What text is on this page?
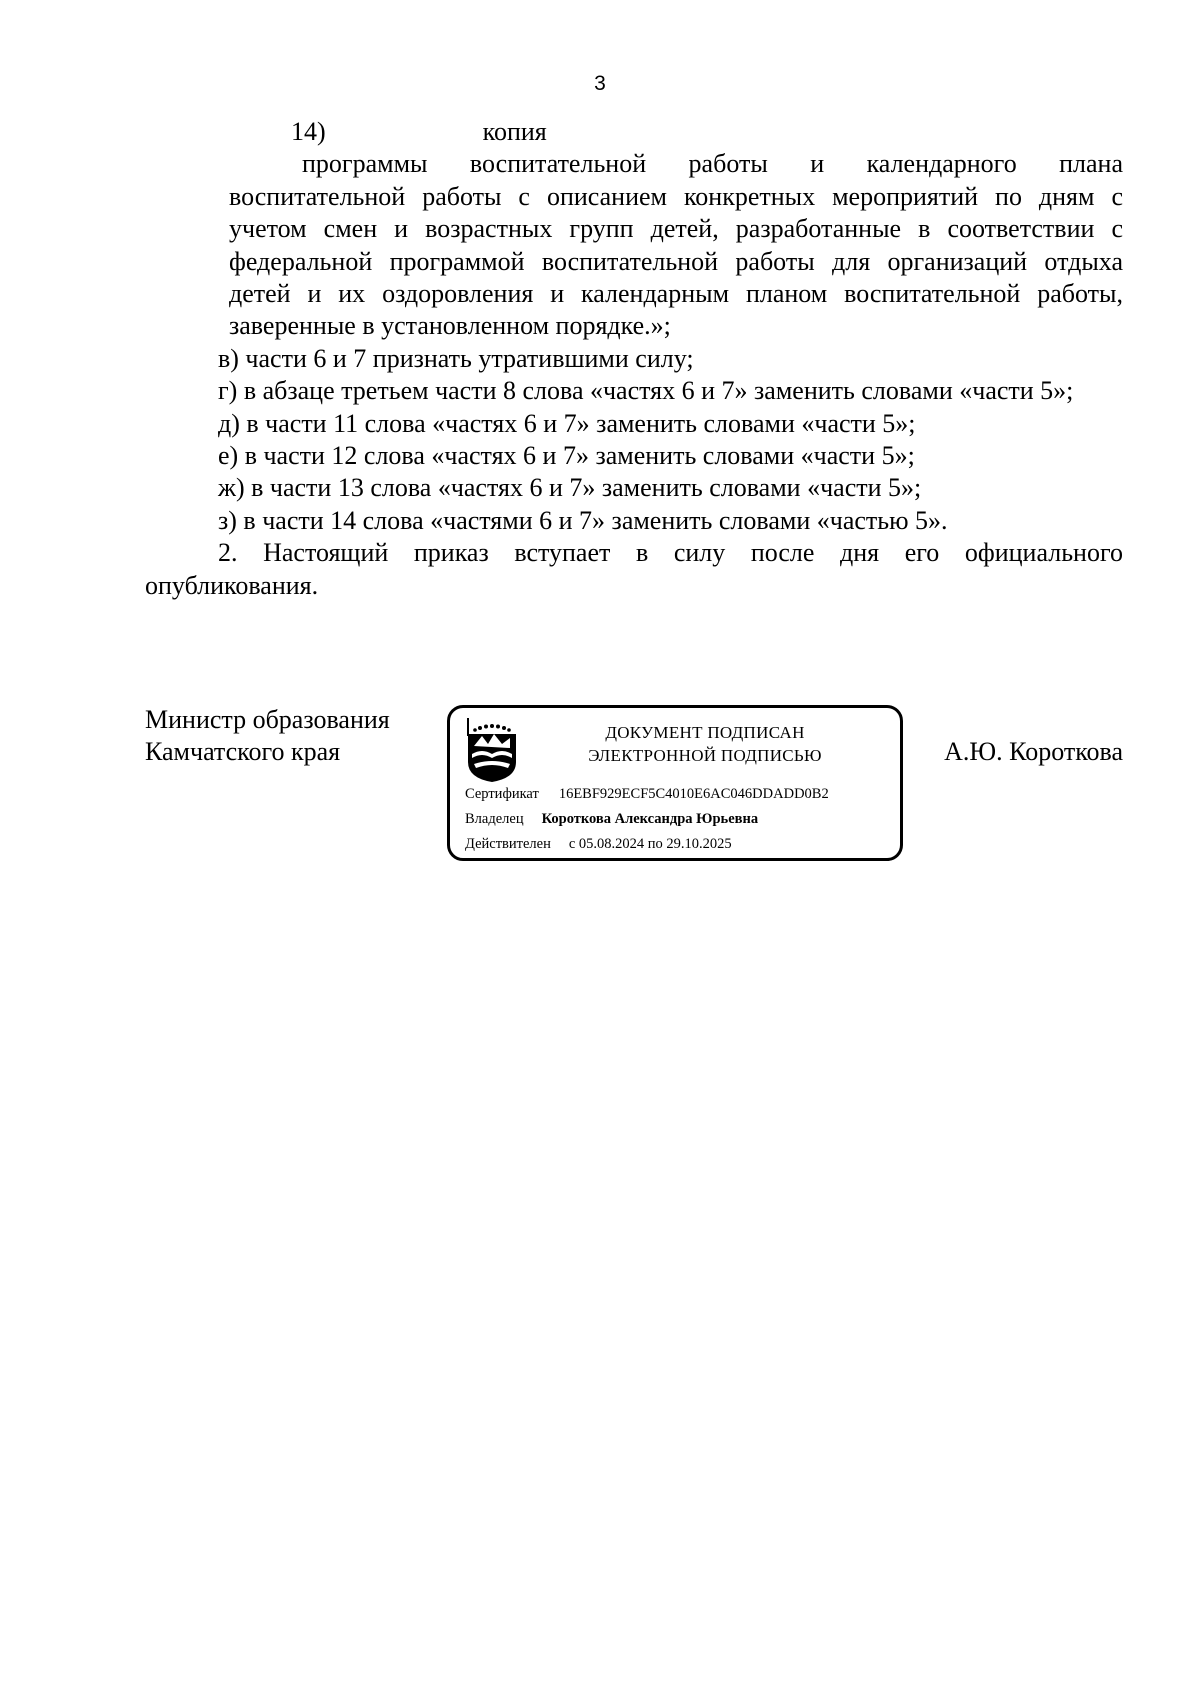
3

14)	копияпрограммы воспитательной работы и календарного плана воспитательной работы с описанием конкретных мероприятий по дням с учетом смен и возрастных групп детей, разработанные в соответствии с федеральной программой воспитательной работы для организаций отдыха детей и их оздоровления и календарным планом воспитательной работы, заверенные в установленном порядке.»;

в) части 6 и 7 признать утратившими силу;

г) в абзаце третьем части 8 слова «частях 6 и 7» заменить словами «части 5»;

д) в части 11 слова «частях 6 и 7» заменить словами «части 5»;

е) в части 12 слова «частях 6 и 7» заменить словами «части 5»;

ж) в части 13 слова «частях 6 и 7» заменить словами «части 5»;

з) в части 14 слова «частями 6 и 7» заменить словами «частью 5».

2. Настоящий приказ вступает в силу после дня его официального опубликования.

Министр образования
Камчатского края
ДОКУМЕНТ ПОДПИСАН
ЭЛЕКТРОННОЙ ПОДПИСЬЮ
Сертификат 16EBF929ECF5C4010E6AC046DDADD0B2
Владелец Короткова Александра Юрьевна
Действителен с 05.08.2024 по 29.10.2025
А.Ю. Короткова
